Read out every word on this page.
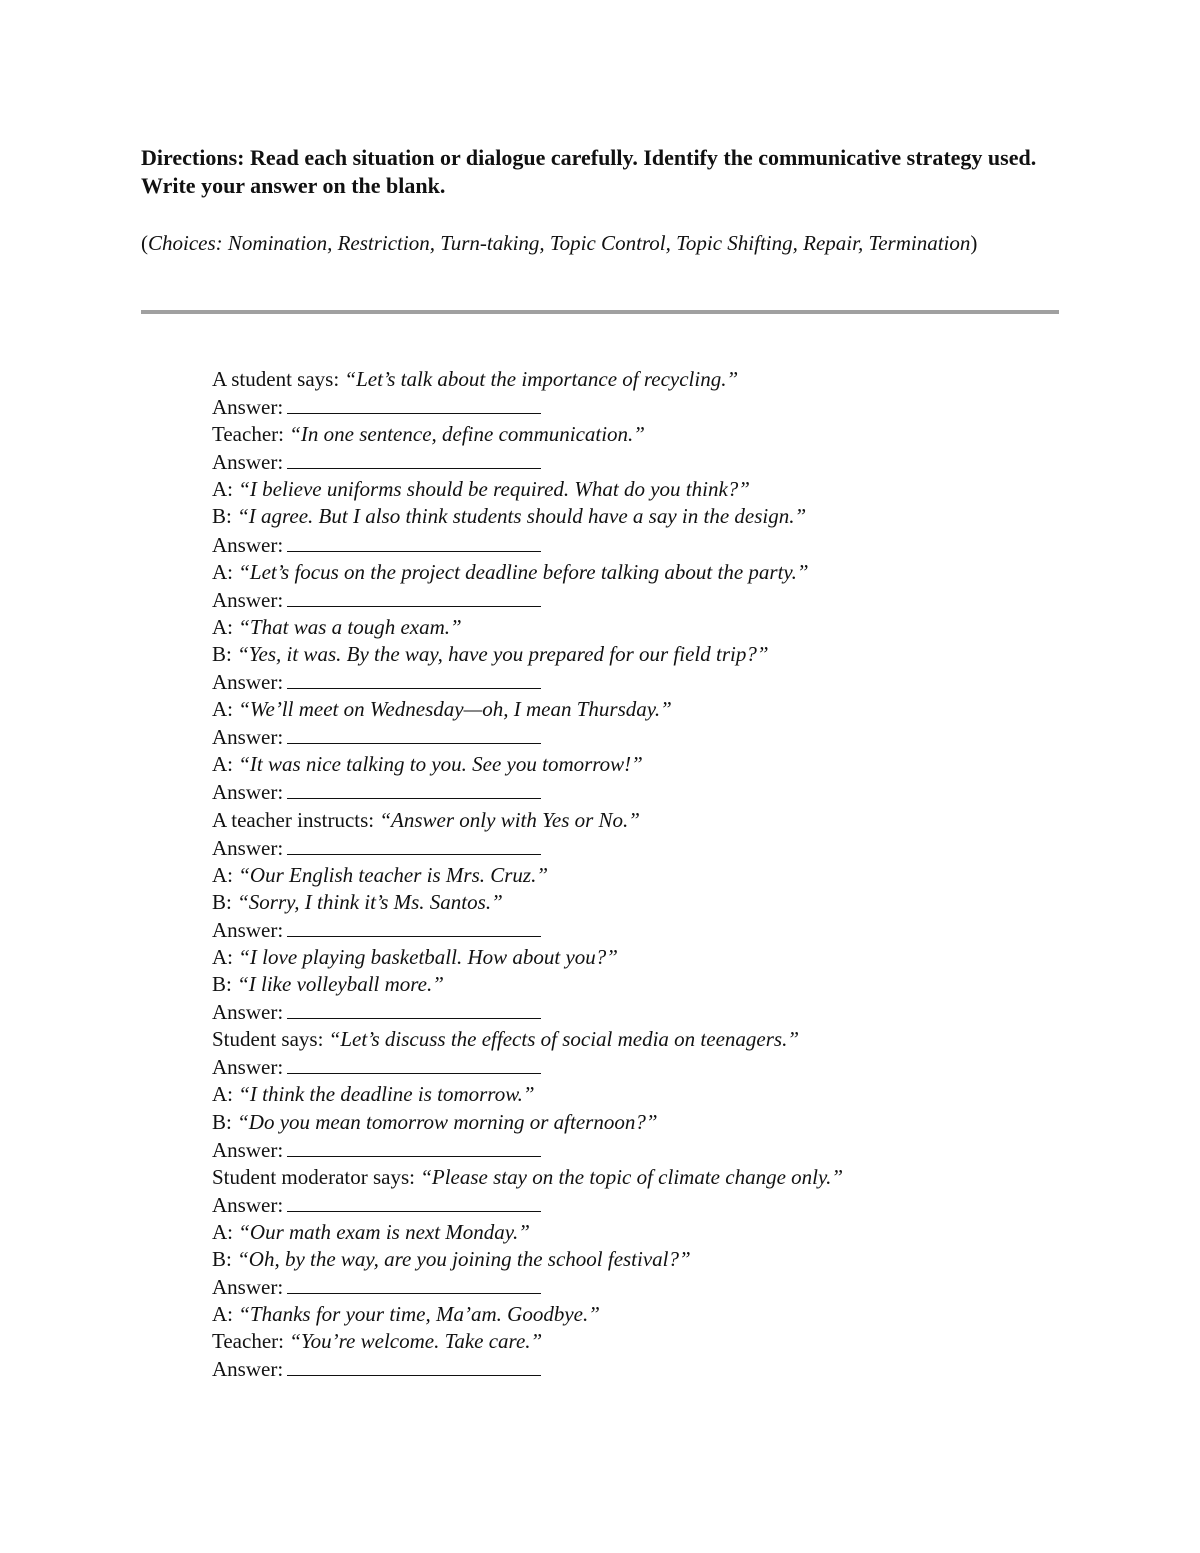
Directions: Read each situation or dialogue carefully. Identify the communicative strategy used. Write your answer on the blank.

(Choices: Nomination, Restriction, Turn-taking, Topic Control, Topic Shifting, Repair, Termination)

A student says: “Let’s talk about the importance of recycling.”
Answer:
Teacher: “In one sentence, define communication.”
Answer:
A: “I believe uniforms should be required. What do you think?”
B: “I agree. But I also think students should have a say in the design.”
Answer:
A: “Let’s focus on the project deadline before talking about the party.”
Answer:
A: “That was a tough exam.”
B: “Yes, it was. By the way, have you prepared for our field trip?”
Answer:
A: “We’ll meet on Wednesday—oh, I mean Thursday.”
Answer:
A: “It was nice talking to you. See you tomorrow!”
Answer:
A teacher instructs: “Answer only with Yes or No.”
Answer:
A: “Our English teacher is Mrs. Cruz.”
B: “Sorry, I think it’s Ms. Santos.”
Answer:
A: “I love playing basketball. How about you?”
B: “I like volleyball more.”
Answer:
Student says: “Let’s discuss the effects of social media on teenagers.”
Answer:
A: “I think the deadline is tomorrow.”
B: “Do you mean tomorrow morning or afternoon?”
Answer:
Student moderator says: “Please stay on the topic of climate change only.”
Answer:
A: “Our math exam is next Monday.”
B: “Oh, by the way, are you joining the school festival?”
Answer:
A: “Thanks for your time, Ma’am. Goodbye.”
Teacher: “You’re welcome. Take care.”
Answer:
